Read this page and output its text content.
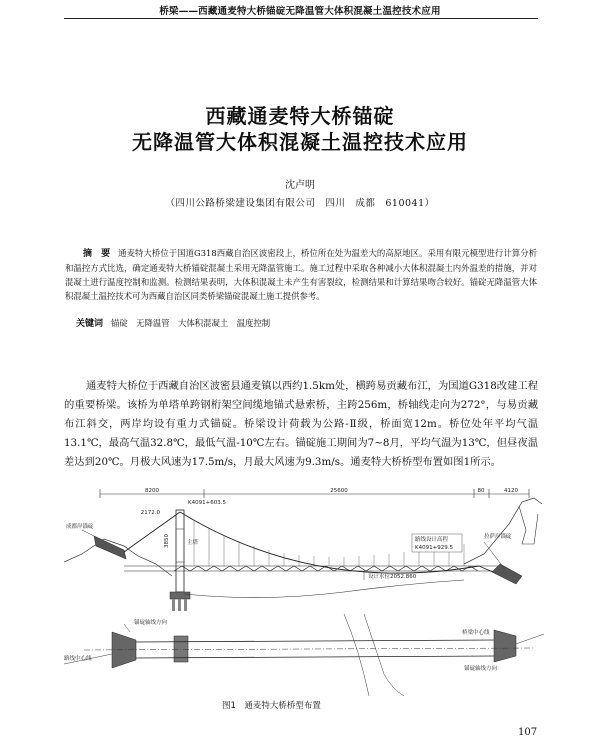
桥梁——西藏通麦特大桥锚碇无降温管大体积混凝土温控技术应用
西藏通麦特大桥锚碇
无降温管大体积混凝土温控技术应用
沈卢明
（四川公路桥梁建设集团有限公司　四川　成都　610041）
摘　要 通麦特大桥位于国道G318西藏自治区波密段上，桥位所在处为温差大的高原地区。采用有限元模型进行计算分析和温控方式比选，确定通麦特大桥锚碇混凝土采用无降温管施工。施工过程中采取各种减小大体积混凝土内外温差的措施，并对混凝土进行温度控制和监测。检测结果表明，大体积混凝土未产生有害裂纹，检测结果和计算结果吻合较好。锚碇无降温管大体积混凝土温控技术可为西藏自治区同类桥梁锚碇混凝土施工提供参考。
关键词 锚碇　无降温管　大体积混凝土　温度控制
通麦特大桥位于西藏自治区波密县通麦镇以西约1.5km处，横跨易贡藏布江，为国道G318改建工程的重要桥梁。该桥为单塔单跨钢桁架空间缆地锚式悬索桥，主跨256m，桥轴线走向为272°，与易贡藏布江斜交，两岸均设有重力式锚碇。桥梁设计荷载为公路-Ⅱ级，桥面宽12m。桥位处年平均气温13.1℃，最高气温32.8℃，最低气温-10℃左右。锚碇施工期间为7~8月，平均气温为13℃，但昼夜温差达到20℃。月极大风速为17.5m/s，月最大风速为9.3m/s。通麦特大桥桥型布置如图1所示。
8200	25600	80	4120
成都岸锚碇
2172.0
K4091+603.5
3850	主塔
设计水位2052.860
路线设计高程
K4091+929.5
拉萨岸锚碇
锚碇轴线方向
路线中心线
桥梁中心线
锚碇轴线方向
图1　通麦特大桥桥型布置
107
